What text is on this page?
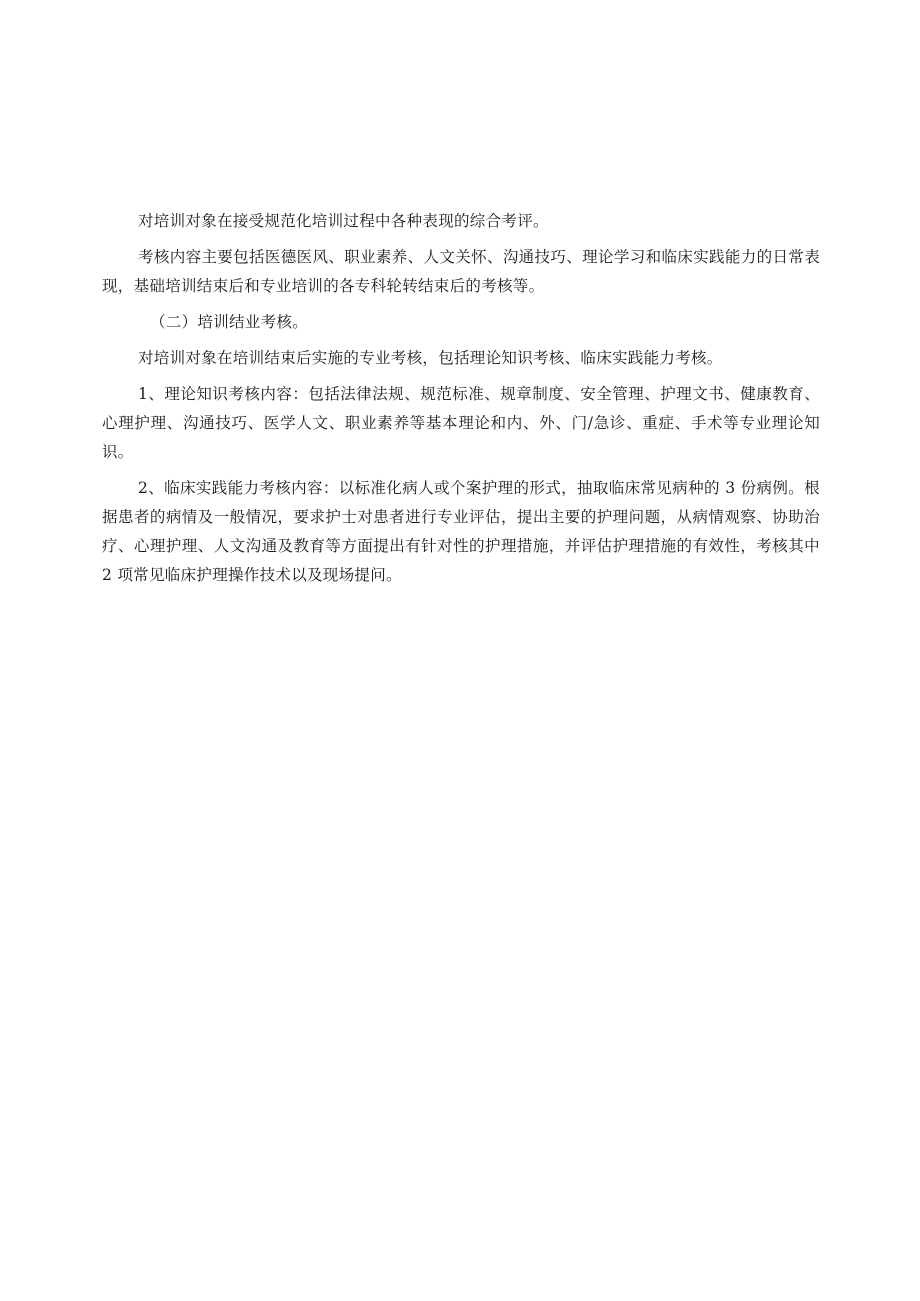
对培训对象在接受规范化培训过程中各种表现的综合考评。

考核内容主要包括医德医风、职业素养、人文关怀、沟通技巧、理论学习和临床实践能力的日常表现，基础培训结束后和专业培训的各专科轮转结束后的考核等。

（二）培训结业考核。

对培训对象在培训结束后实施的专业考核，包括理论知识考核、临床实践能力考核。

1、理论知识考核内容：包括法律法规、规范标准、规章制度、安全管理、护理文书、健康教育、心理护理、沟通技巧、医学人文、职业素养等基本理论和内、外、门/急诊、重症、手术等专业理论知识。

2、临床实践能力考核内容：以标准化病人或个案护理的形式，抽取临床常见病种的 3 份病例。根据患者的病情及一般情况，要求护士对患者进行专业评估，提出主要的护理问题，从病情观察、协助治疗、心理护理、人文沟通及教育等方面提出有针对性的护理措施，并评估护理措施的有效性，考核其中 2 项常见临床护理操作技术以及现场提问。
